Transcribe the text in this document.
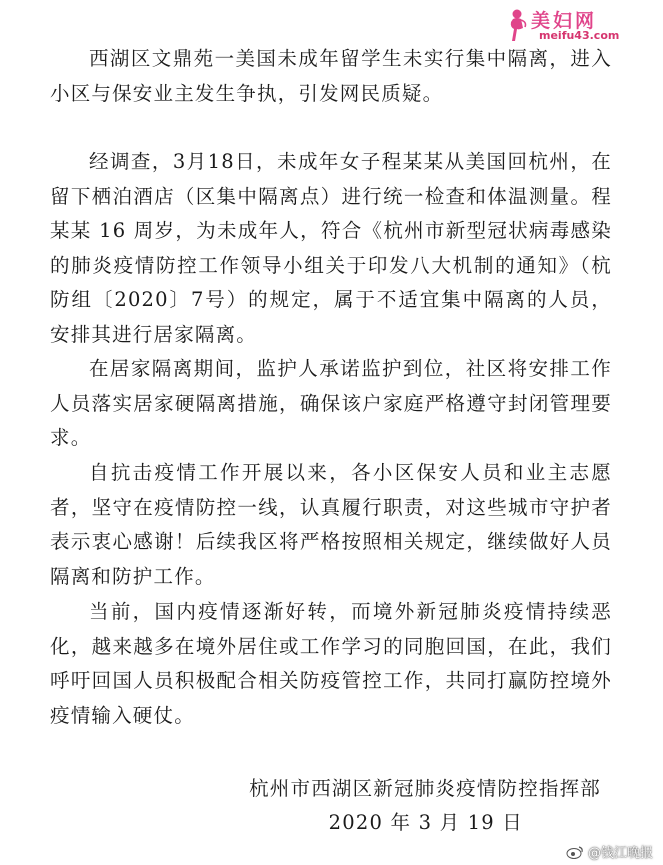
美妇网
meifu43.com

西湖区文鼎苑一美国未成年留学生未实行集中隔离，进入小区与保安业主发生争执，引发网民质疑。

经调查，3月18日，未成年女子程某某从美国回杭州，在留下栖泊酒店（区集中隔离点）进行统一检查和体温测量。程某某 16 周岁，为未成年人，符合《杭州市新型冠状病毒感染的肺炎疫情防控工作领导小组关于印发八大机制的通知》（杭防组〔2020〕7号）的规定，属于不适宜集中隔离的人员，安排其进行居家隔离。

在居家隔离期间，监护人承诺监护到位，社区将安排工作人员落实居家硬隔离措施，确保该户家庭严格遵守封闭管理要求。

自抗击疫情工作开展以来，各小区保安人员和业主志愿者，坚守在疫情防控一线，认真履行职责，对这些城市守护者表示衷心感谢！后续我区将严格按照相关规定，继续做好人员隔离和防护工作。

当前，国内疫情逐渐好转，而境外新冠肺炎疫情持续恶化，越来越多在境外居住或工作学习的同胞回国，在此，我们呼吁回国人员积极配合相关防疫管控工作，共同打赢防控境外疫情输入硬仗。

杭州市西湖区新冠肺炎疫情防控指挥部

2020 年 3 月 19 日

@钱江晚报
